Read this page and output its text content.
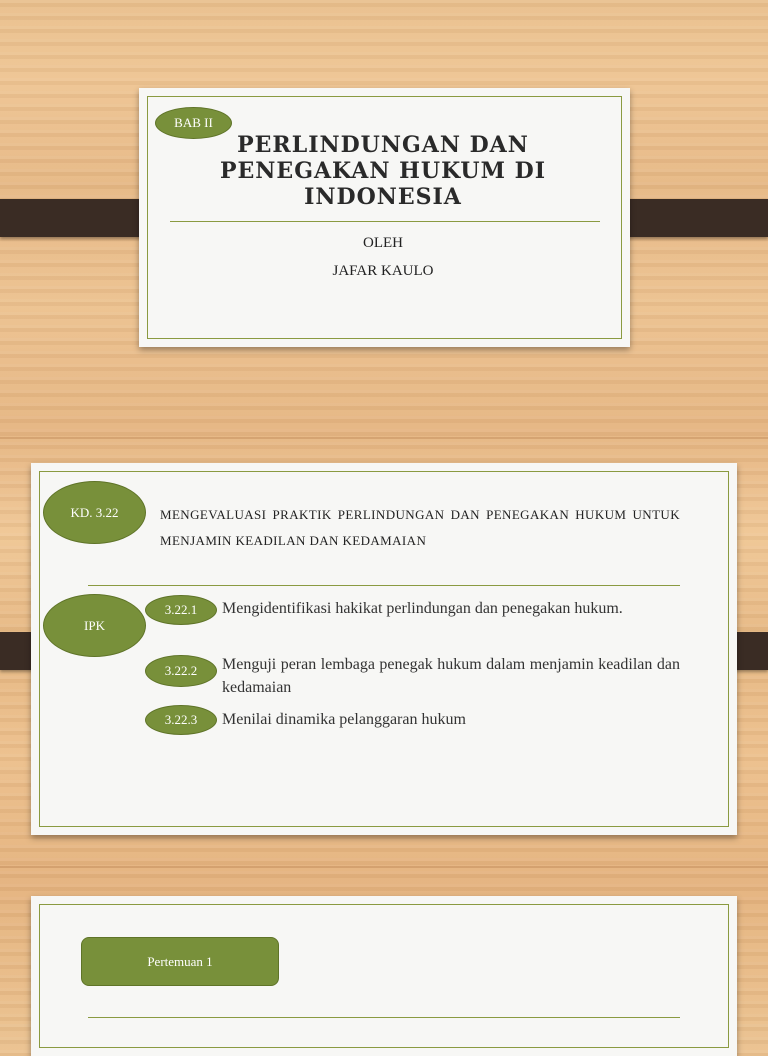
BAB II
PERLINDUNGAN DAN PENEGAKAN HUKUM DI INDONESIA
OLEH
JAFAR KAULO
KD. 3.22	MENGEVALUASI PRAKTIK PERLINDUNGAN DAN PENEGAKAN HUKUM UNTUK MENJAMIN KEADILAN DAN KEDAMAIAN
IPK
3.22.1	Mengidentifikasi hakikat perlindungan dan penegakan hukum.
3.22.2	Menguji peran lembaga penegak hukum dalam menjamin keadilan dan kedamaian
3.22.3	Menilai dinamika pelanggaran hukum
Pertemuan 1
